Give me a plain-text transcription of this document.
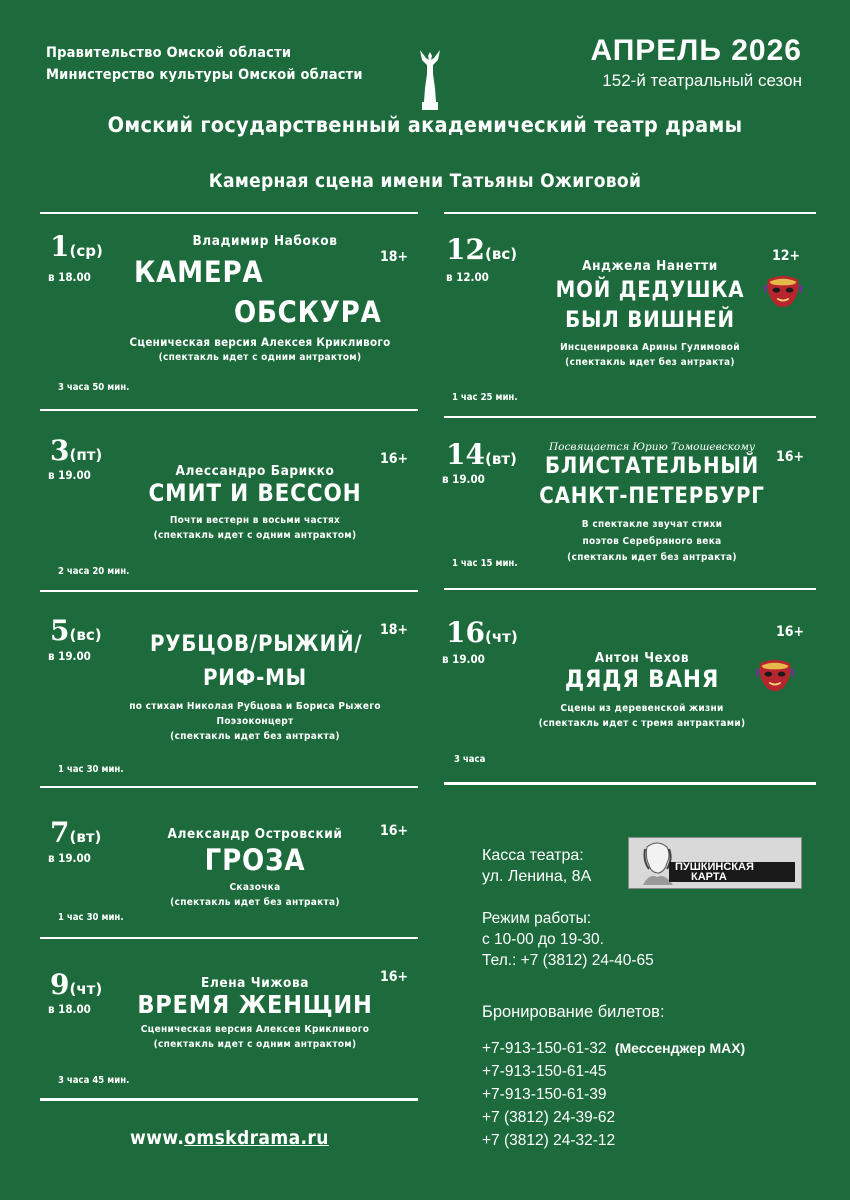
Правительство Омской области
Министерство культуры Омской области
АПРЕЛЬ 2026
152-й театральный сезон
Омский государственный академический театр драмы
Камерная сцена имени Татьяны Ожиговой
1(ср)
в 18.00
18+
Владимир Набоков
КАМЕРА
ОБСКУРА
Сценическая версия Алексея Крикливого
(спектакль идет с одним антрактом)
3 часа 50 мин.
3(пт)
в 19.00
16+
Алессандро Барикко
СМИТ И ВЕССОН
Почти вестерн в восьми частях
(спектакль идет с одним антрактом)
2 часа 20 мин.
5(вс)
в 19.00
18+
РУБЦОВ/РЫЖИЙ/
РИФ-МЫ
по стихам Николая Рубцова и Бориса Рыжего
Поэзоконцерт
(спектакль идет без антракта)
1 час 30 мин.
7(вт)
в 19.00
16+
Александр Островский
ГРОЗА
Сказочка
(спектакль идет без антракта)
1 час 30 мин.
9(чт)
в 18.00
16+
Елена Чижова
ВРЕМЯ ЖЕНЩИН
Сценическая версия Алексея Крикливого
(спектакль идет с одним антрактом)
3 часа 45 мин.
12(вс)
в 12.00
12+
Анджела Нанетти
МОЙ ДЕДУШКА
БЫЛ ВИШНЕЙ
Инсценировка Арины Гулимовой
(спектакль идет без антракта)
1 час 25 мин.
14(вт)
в 19.00
16+
Посвящается Юрию Томошевскому
БЛИСТАТЕЛЬНЫЙ
САНКТ-ПЕТЕРБУРГ
В спектакле звучат стихи
поэтов Серебряного века
(спектакль идет без антракта)
1 час 15 мин.
16(чт)
в 19.00
16+
Антон Чехов
ДЯДЯ ВАНЯ
Сцены из деревенской жизни
(спектакль идет с тремя антрактами)
3 часа
Касса театра:
ул. Ленина, 8А
ПУШКИНСКАЯ
КАРТА
Режим работы:
с 10-00 до 19-30.
Тел.: +7 (3812) 24-40-65
Бронирование билетов:
+7-913-150-61-32 (Мессенджер MAX)
+7-913-150-61-45
+7-913-150-61-39
+7 (3812) 24-39-62
+7 (3812) 24-32-12
www.omskdrama.ru
